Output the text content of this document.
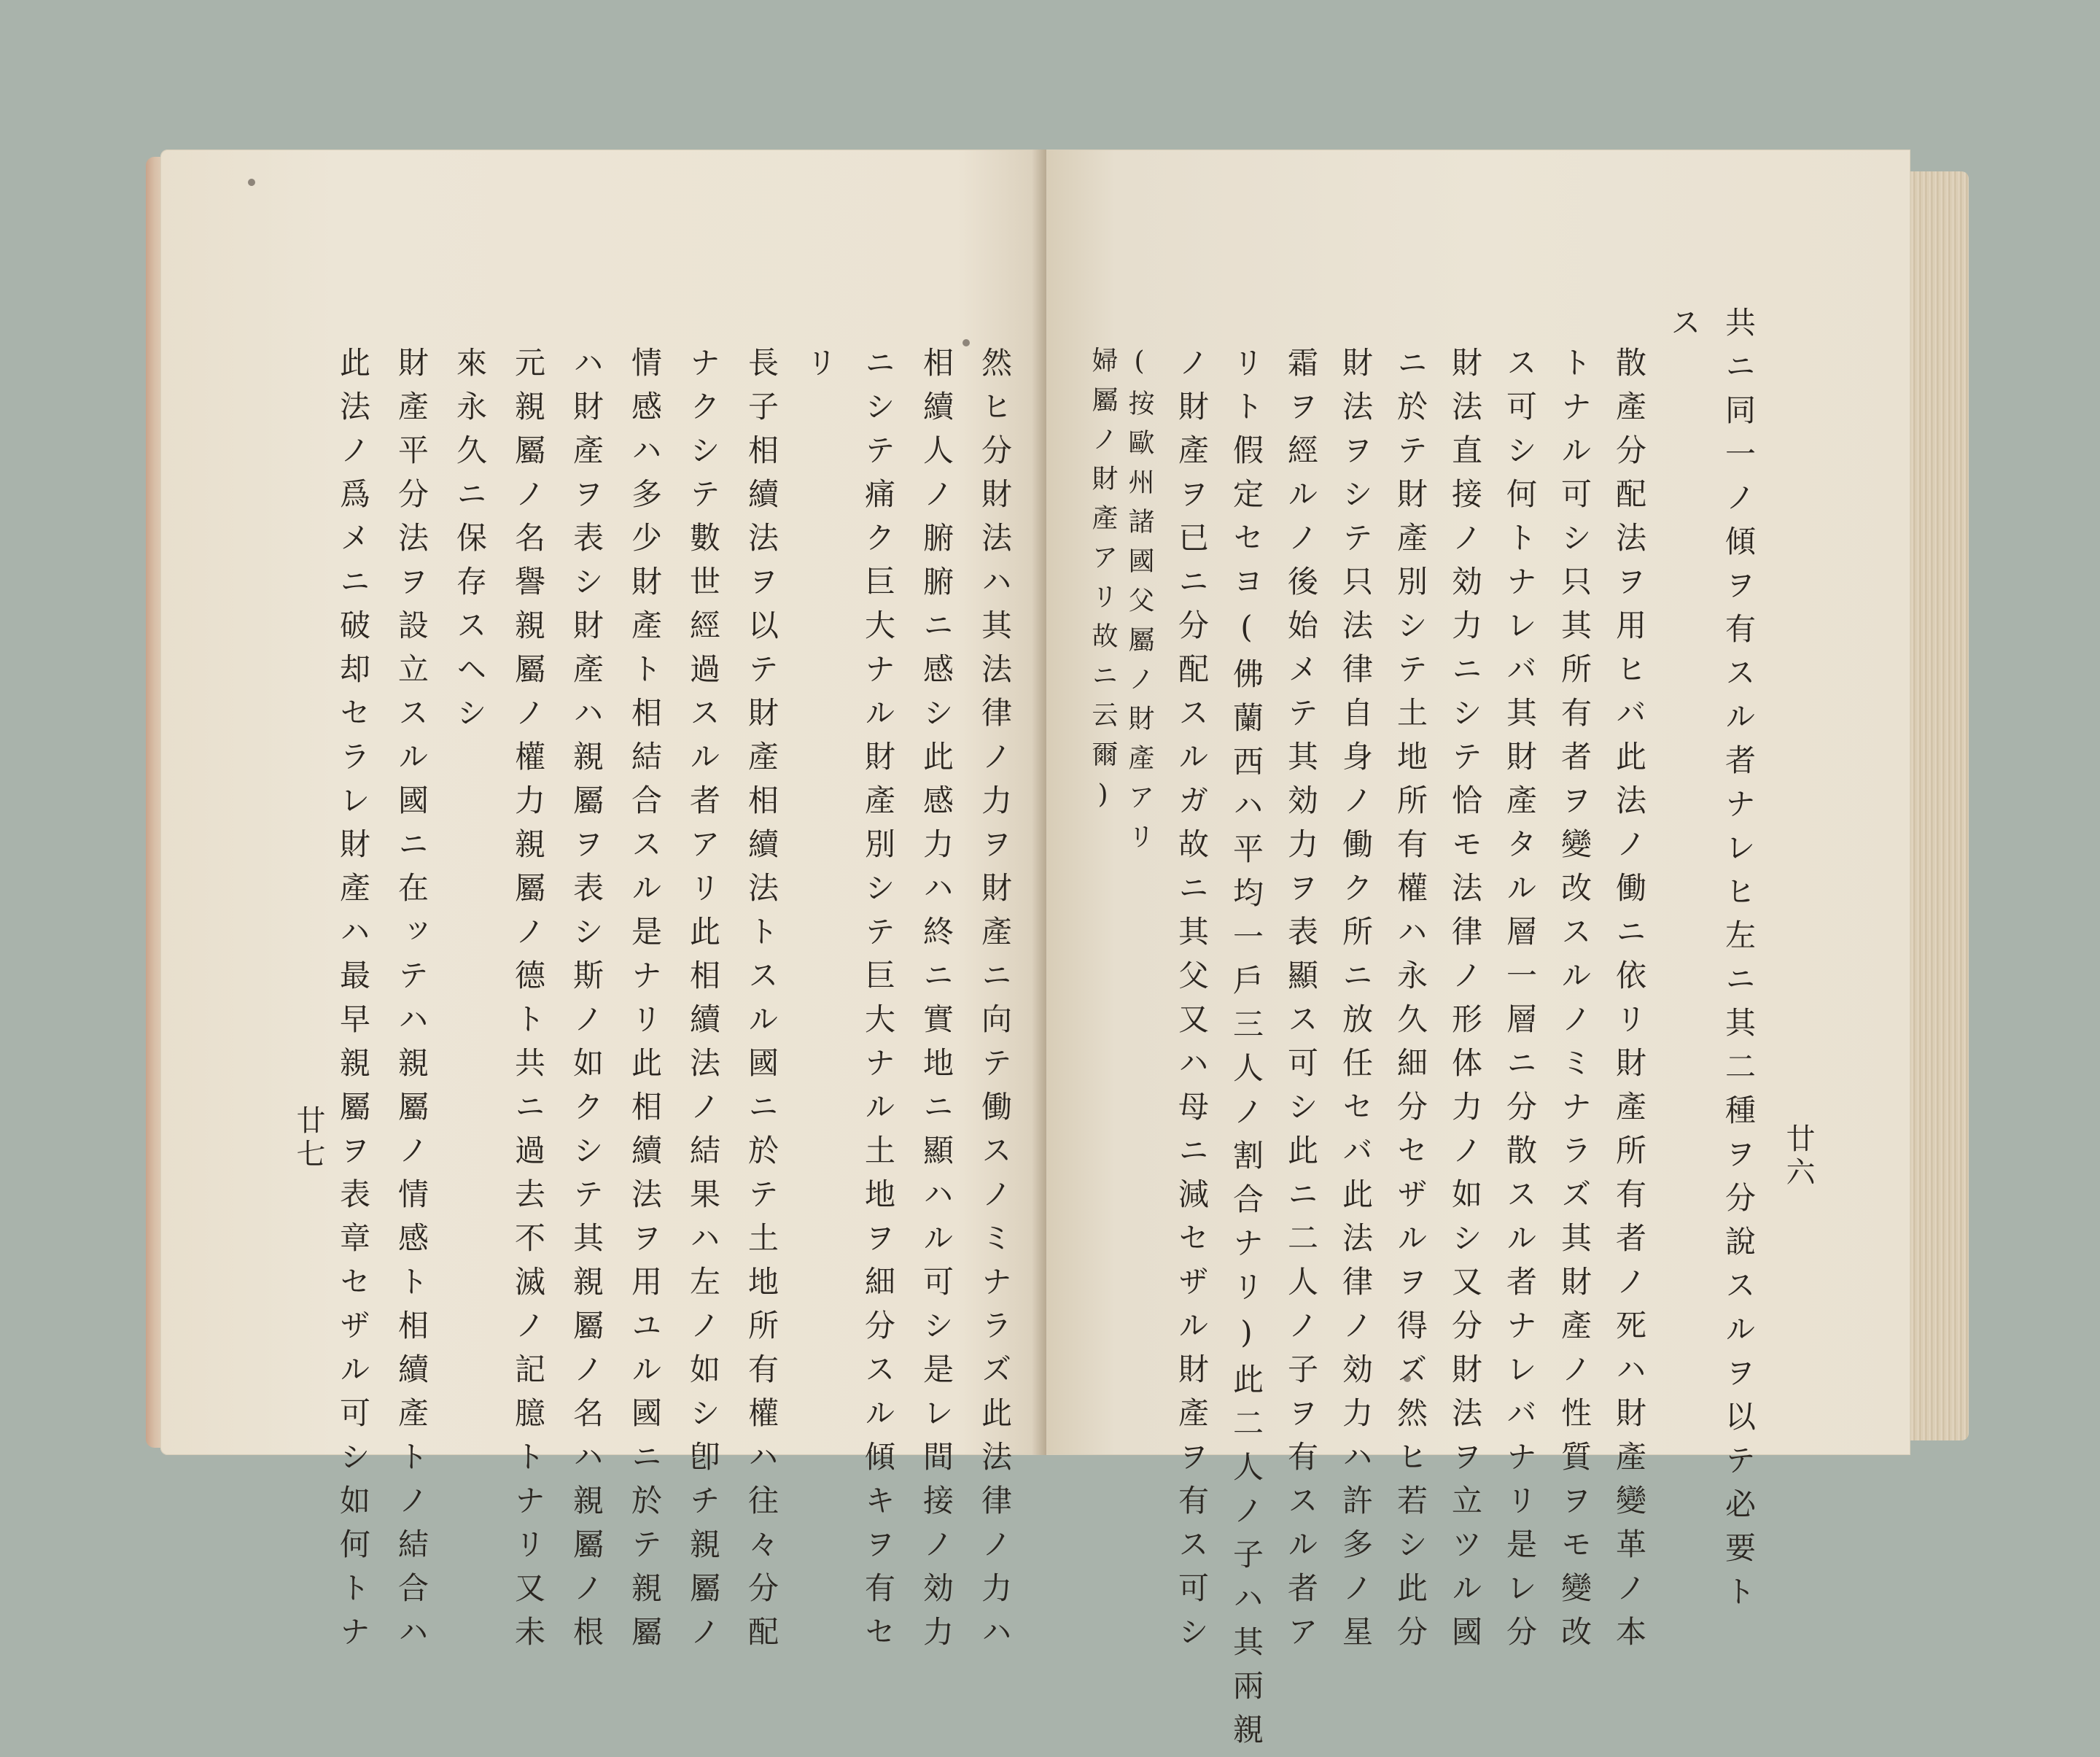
然ヒ分財法ハ其法律ノ力ヲ財產ニ向テ働スノミナラズ此法律ノ力ハ
相續人ノ腑腑ニ感シ此感力ハ終ニ實地ニ顯ハル可シ是レ間接ノ効力
ニシテ痛ク巨大ナル財產別シテ巨大ナル土地ヲ細分スル傾キヲ有セ
リ
長子相續法ヲ以テ財產相續法トスル國ニ於テ土地所有權ハ往々分配
ナクシテ數世經過スル者アリ此相續法ノ結果ハ左ノ如シ卽チ親屬ノ
情感ハ多少財產ト相結合スル是ナリ此相續法ヲ用ユル國ニ於テ親屬
ハ財產ヲ表シ財產ハ親屬ヲ表シ斯ノ如クシテ其親屬ノ名ハ親屬ノ根
元親屬ノ名譽親屬ノ權力親屬ノ德ト共ニ過去不滅ノ記臆トナリ又未
來永久ニ保存スヘシ
財產平分法ヲ設立スル國ニ在ッテハ親屬ノ情感ト相續產トノ結合ハ
此法ノ爲メニ破却セラレ財產ハ最早親屬ヲ表章セザル可シ如何トナ
廿七	廿六
共ニ同一ノ傾ヲ有スル者ナレヒ左ニ其二種ヲ分說スルヲ以テ必要ト
ス
散產分配法ヲ用ヒバ此法ノ働ニ依リ財產所有者ノ死ハ財產變革ノ本
トナル可シ只其所有者ヲ變改スルノミナラズ其財產ノ性質ヲモ變改
ス可シ何トナレバ其財產タル層一層ニ分散スル者ナレバナリ是レ分
財法直接ノ効力ニシテ恰モ法律ノ形体力ノ如シ又分財法ヲ立ツル國
ニ於テ財產別シテ土地所有權ハ永久細分セザルヲ得ズ然ヒ若シ此分
財法ヲシテ只法律自身ノ働ク所ニ放任セバ此法律ノ効力ハ許多ノ星
霜ヲ經ルノ後始メテ其効力ヲ表顯ス可シ此ニ二人ノ子ヲ有スル者ア
リト假定セヨ(佛蘭西ハ平均一戶三人ノ割合ナリ)此二人ノ子ハ其兩親
ノ財產ヲ已ニ分配スルガ故ニ其父又ハ母ニ減セザル財產ヲ有ス可シ
(按歐州諸國父屬ノ財產アリ
婦屬ノ財產アリ故ニ云爾)
